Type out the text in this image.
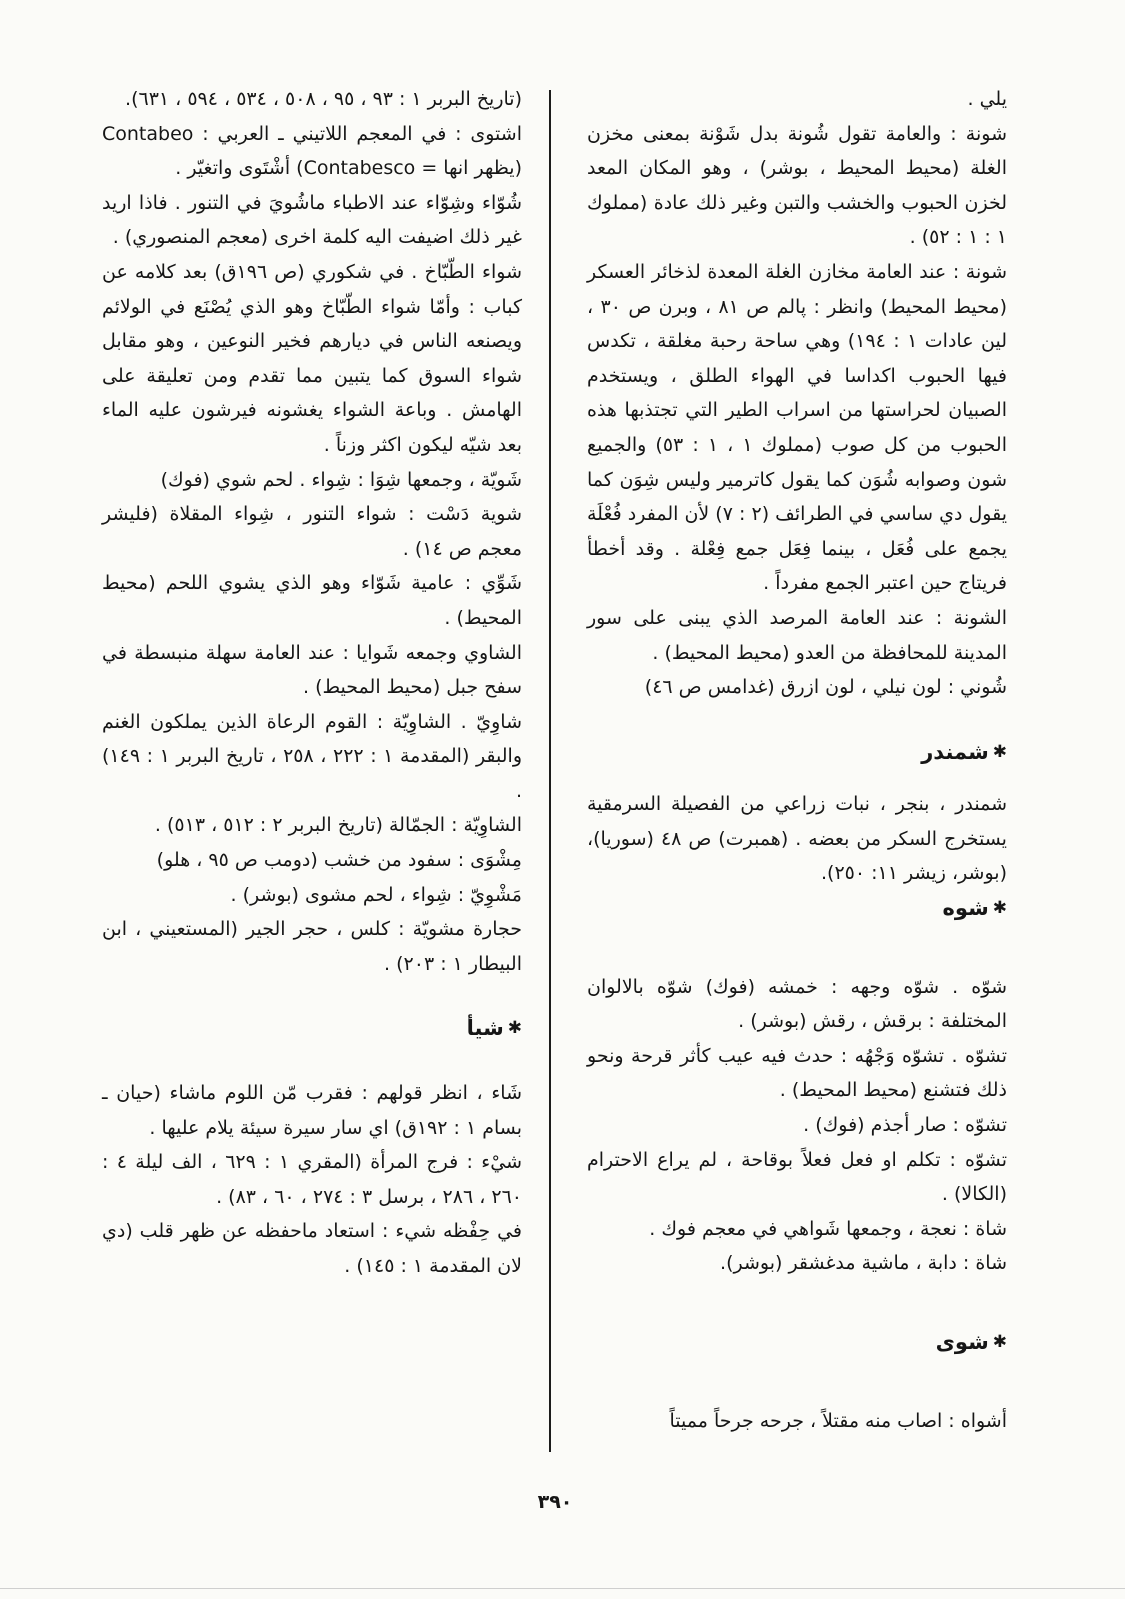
يلي .

شونة : والعامة تقول شُونة بدل شَوْنة بمعنى مخزن الغلة (محيط المحيط ، بوشر) ، وهو المكان المعد لخزن الحبوب والخشب والتبن وغير ذلك عادة (مملوك ١ : ١ : ٥٢) .

شونة : عند العامة مخازن الغلة المعدة لذخائر العسكر (محيط المحيط) وانظر : پالم ص ٨١ ، وبرن ص ٣٠ ، لين عادات ١ : ١٩٤) وهي ساحة رحبة مغلقة ، تكدس فيها الحبوب اكداسا في الهواء الطلق ، ويستخدم الصبيان لحراستها من اسراب الطير التي تجتذبها هذه الحبوب من كل صوب (مملوك ١ ، ١ : ٥٣) والجميع شون وصوابه شُوَن كما يقول كاترمير وليس شِوَن كما يقول دي ساسي في الطرائف (٢ : ٧) لأن المفرد فُعْلَة يجمع على فُعَل ، بينما فِعَل جمع فِعْلة . وقد أخطأ فريتاج حين اعتبر الجمع مفرداً .

الشونة : عند العامة المرصد الذي يبنى على سور المدينة للمحافظة من العدو (محيط المحيط) .

شُوني : لون نيلي ، لون ازرق (غدامس ص ٤٦)

✱
شمندر

شمندر ، بنجر ، نبات زراعي من الفصيلة السرمقية يستخرج السكر من بعضه . (همبرت) ص ٤٨ (سوريا)، (بوشر، زيشر ١١: ٢٥٠).

✱
شوه

شوّه . شوّه وجهه : خمشه (فوك) شوّه بالالوان المختلفة : برقش ، رقش (بوشر) .

تشوّه . تشوّه وَجْهُه : حدث فيه عيب كأثر قرحة ونحو ذلك فتشنع (محيط المحيط) .

تشوّه : صار أجذم (فوك) .

تشوّه : تكلم او فعل فعلاً بوقاحة ، لم يراع الاحترام (الكالا) .

شاة : نعجة ، وجمعها شَواهي في معجم فوك .

شاة : دابة ، ماشية مدغشقر (بوشر).

✱
شوى

أشواه : اصاب منه مقتلاً ، جرحه جرحاً مميتاً

(تاريخ البربر ١ : ٩٣ ، ٩٥ ، ٥٠٨ ، ٥٣٤ ، ٥٩٤ ، ٦٣١).

اشتوى : في المعجم اللاتيني ـ العربي : Contabeo (يظهر انها = Contabesco) أشْتَوى واتغيّر .

شُوّاء وشِوّاء عند الاطباء ماشُويَ في التنور . فاذا اريد غير ذلك اضيفت اليه كلمة اخرى (معجم المنصوري) .

شواء الطّبّاخ . في شكوري (ص ١٩٦ق) بعد كلامه عن كباب : وأمّا شواء الطّبّاخ وهو الذي يُصْنَع في الولائم ويصنعه الناس في ديارهم فخير النوعين ، وهو مقابل شواء السوق كما يتبين مما تقدم ومن تعليقة على الهامش . وباعة الشواء يغشونه فيرشون عليه الماء بعد شيّه ليكون اكثر وزناً .

شَويّة ، وجمعها شِوَا : شِواء . لحم شوي (فوك)

شوية دَسْت : شواء التنور ، شِواء المقلاة (فليشر معجم ص ١٤) .

شَوِّي : عامية شَوّاء وهو الذي يشوي اللحم (محيط المحيط) .

الشاوي وجمعه شَوايا : عند العامة سهلة منبسطة في سفح جبل (محيط المحيط) .

شاوِيّ . الشاوِيّة : القوم الرعاة الذين يملكون الغنم والبقر (المقدمة ١ : ٢٢٢ ، ٢٥٨ ، تاريخ البربر ١ : ١٤٩) .

الشاوِيّة : الجمّالة (تاريخ البربر ٢ : ٥١٢ ، ٥١٣) .

مِشْوَى : سفود من خشب (دومب ص ٩٥ ، هلو)

مَشْوِيّ : شِواء ، لحم مشوى (بوشر) .

حجارة مشويّة : كلس ، حجر الجير (المستعيني ، ابن البيطار ١ : ٢٠٣) .

✱
شيأ

شَاء ، انظر قولهم : فقرب مّن اللوم ماشاء (حيان ـ بسام ١ : ١٩٢ق) اي سار سيرة سيئة يلام عليها .

شيْء : فرج المرأة (المقري ١ : ٦٢٩ ، الف ليلة ٤ : ٢٦٠ ، ٢٨٦ ، برسل ٣ : ٢٧٤ ، ٦٠ ، ٨٣) .

في حِفْظه شيء : استعاد ماحفظه عن ظهر قلب (دي لان المقدمة ١ : ١٤٥) .

٣٩٠
